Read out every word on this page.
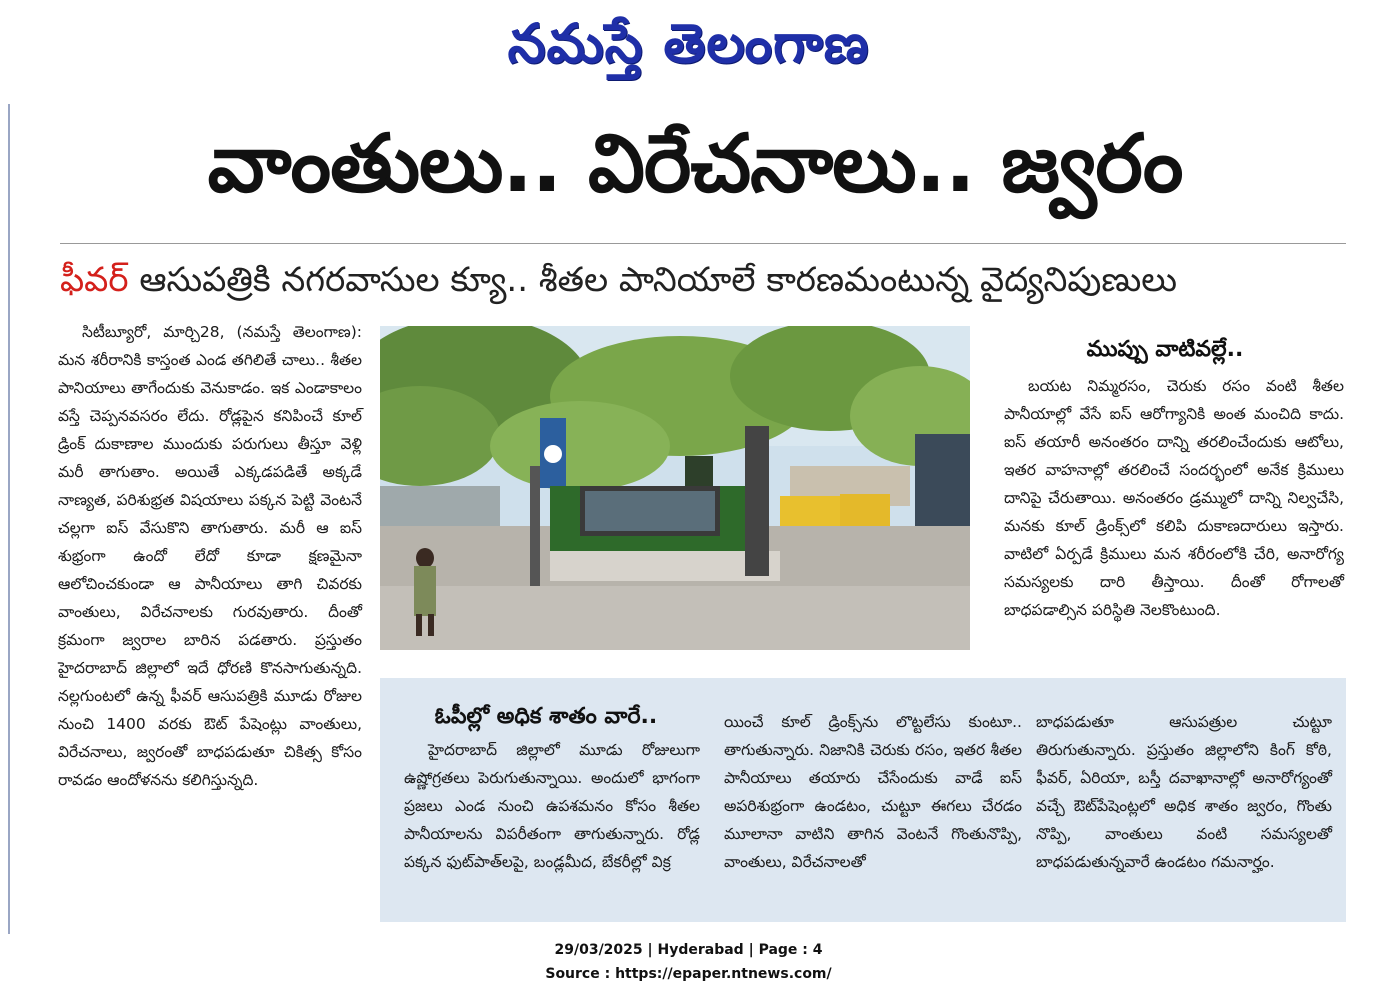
నమస్తే తెలంగాణ
వాంతులు.. విరేచనాలు.. జ్వరం
ఫీవర్ ఆసుపత్రికి నగరవాసుల క్యూ.. శీతల పానియాలే కారణమంటున్న వైద్యనిపుణులు

సిటీబ్యూరో, మార్చి28, (నమస్తే తెలంగాణ): మన శరీరానికి కాస్తంత ఎండ తగిలితే చాలు.. శీతల పానియాలు తాగేందుకు వెనుకాడం. ఇక ఎండాకాలం వస్తే చెప్పనవసరం లేదు. రోడ్లపైన కనిపించే కూల్ డ్రింక్ దుకాణాల ముందుకు పరుగులు తీస్తూ వెళ్లి మరీ తాగుతాం. అయితే ఎక్కడపడితే అక్కడే నాణ్యత, పరిశుభ్రత విషయాలు పక్కన పెట్టి వెంటనే చల్లగా ఐస్ వేసుకొని తాగుతారు. మరీ ఆ ఐస్ శుభ్రంగా ఉందో లేదో కూడా క్షణమైనా ఆలోచించకుండా ఆ పానీయాలు తాగి చివరకు వాంతులు, విరేచనాలకు గురవుతారు. దీంతో క్రమంగా జ్వరాల బారిన పడతారు. ప్రస్తుతం హైదరాబాద్ జిల్లాలో ఇదే ధోరణి కొనసాగుతున్నది. నల్లగుంటలో ఉన్న ఫీవర్ ఆసుపత్రికి మూడు రోజుల నుంచి 1400 వరకు ఔట్ పేషెంట్లు వాంతులు, విరేచనాలు, జ్వరంతో బాధపడుతూ చికిత్స కోసం రావడం ఆందోళనను కలిగిస్తున్నది.

ముప్పు వాటివల్లే..

బయట నిమ్మరసం, చెరుకు రసం వంటి శీతల పానీయాల్లో వేసే ఐస్ ఆరోగ్యానికి అంత మంచిది కాదు. ఐస్ తయారీ అనంతరం దాన్ని తరలించేందుకు ఆటోలు, ఇతర వాహనాల్లో తరలించే సందర్భంలో అనేక క్రిములు దానిపై చేరుతాయి. అనంతరం డ్రమ్ములో దాన్ని నిల్వచేసి, మనకు కూల్ డ్రింక్స్‌లో కలిపి దుకాణదారులు ఇస్తారు. వాటిలో ఏర్పడే క్రిములు మన శరీరంలోకి చేరి, అనారోగ్య సమస్యలకు దారి తీస్తాయి. దీంతో రోగాలతో బాధపడాల్సిన పరిస్థితి నెలకొంటుంది.

ఓపీల్లో అధిక శాతం వారే..

హైదరాబాద్ జిల్లాలో మూడు రోజులుగా ఉష్ణోగ్రతలు పెరుగుతున్నాయి. అందులో భాగంగా ప్రజలు ఎండ నుంచి ఉపశమనం కోసం శీతల పానీయాలను విపరీతంగా తాగుతున్నారు. రోడ్ల పక్కన ఫుట్‌పాత్‌లపై, బండ్లమీద, బేకరీల్లో విక్ర

యించే కూల్ డ్రింక్స్‌ను లొట్టలేసు కుంటూ.. తాగుతున్నారు. నిజానికి చెరుకు రసం, ఇతర శీతల పానీయాలు తయారు చేసేందుకు వాడే ఐస్ అపరిశుభ్రంగా ఉండటం, చుట్టూ ఈగలు చేరడం మూలానా వాటిని తాగిన వెంటనే గొంతునొప్పి, వాంతులు, విరేచనాలతో

బాధపడుతూ ఆసుపత్రుల చుట్టూ తిరుగుతున్నారు. ప్రస్తుతం జిల్లాలోని కింగ్ కోఠి, ఫీవర్, ఏరియా, బస్తీ దవాఖానాల్లో అనారోగ్యంతో వచ్చే ఔట్‌పేషెంట్లలో అధిక శాతం జ్వరం, గొంతు నొప్పి, వాంతులు వంటి సమస్యలతో బాధపడుతున్నవారే ఉండటం గమనార్హం.

29/03/2025 | Hyderabad | Page : 4
Source : https://epaper.ntnews.com/
